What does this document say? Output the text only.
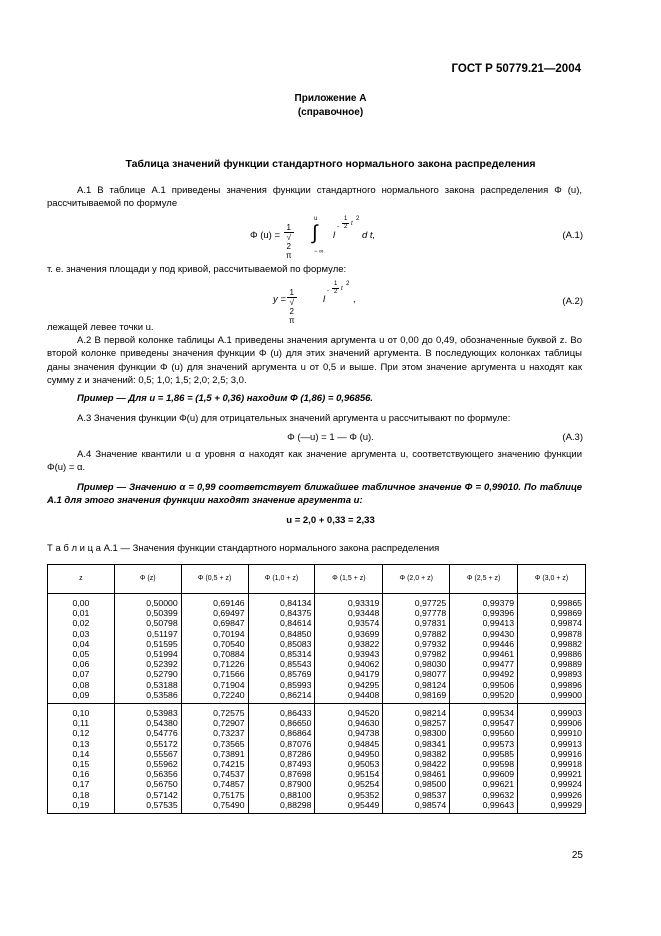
ГОСТ Р 50779.21—2004
Приложение А
(справочное)
Таблица значений функции стандартного нормального закона распределения
А.1 В таблице А.1 приведены значения функции стандартного нормального закона распределения Φ (u), рассчитываемой по формуле
Φ $(u) = \frac{1}{√ 2 \pi}$
u
∫
− ∞
l
- $\frac{1}{2}$ t
2
d t,	(A.1)
т. е. значения площади у под кривой, рассчитываемой по формуле:
$y = \frac{1}{√ 2 \pi}$	l
- $\frac{1}{2}$ t
2
,	(A.2)
лежащей левее точки u.
А.2 В первой колонке таблицы А.1 приведены значения аргумента u от 0,00 до 0,49, обозначенные буквой z. Во второй колонке приведены значения функции Φ (u) для этих значений аргумента. В последующих колонках таблицы даны значения функции Φ (u) для значений аргумента u от 0,5 и выше. При этом значение аргумента u находят как сумму z и значений: 0,5; 1,0; 1,5; 2,0; 2,5; 3,0.
Пример — Для u = 1,86 = (1,5 + 0,36) находим Φ (1,86) = 0,96856.
А.3 Значения функции Φ(u) для отрицательных значений аргумента u рассчитывают по формуле:
Φ (—u) = 1 — Φ (u).	(A.3)
А.4 Значение квантили u α уровня α находят как значение аргумента u, соответствующего значению функции Φ(u) = α.
Пример — Значению α = 0,99 соответствует ближайшее табличное значение Φ = 0,99010. По таблице А.1 для этого значения функции находят значение аргумента u:
u = 2,0 + 0,33 = 2,33
Т а б л и ц а А.1 — Значения функции стандартного нормального закона распределения
z	Φ (z)	Φ (0,5 + z)	Φ (1,0 + z)	Φ (1,5 + z)	Φ (2,0 + z)	Φ (2,5 + z)	Φ (3,0 + z)
0,00	0,50000	0,69146	0,84134	0,93319	0,97725	0,99379	0,99865
0,01	0,50399	0,69497	0,84375	0,93448	0,97778	0,99396	0,99869
0,02	0,50798	0,69847	0,84614	0,93574	0,97831	0,99413	0,99874
0,03	0,51197	0,70194	0,84850	0,93699	0,97882	0,99430	0,99878
0,04	0,51595	0,70540	0,85083	0,93822	0,97932	0,99446	0,99882
0,05	0,51994	0,70884	0,85314	0,93943	0,97982	0,99461	0,99886
0,06	0,52392	0,71226	0,85543	0,94062	0,98030	0,99477	0,99889
0,07	0,52790	0,71566	0,85769	0,94179	0,98077	0,99492	0,99893
0,08	0,53188	0,71904	0,85993	0,94295	0,98124	0,99506	0,99896
0,09	0,53586	0,72240	0,86214	0,94408	0,98169	0,99520	0,99900
0,10	0,53983	0,72575	0,86433	0,94520	0,98214	0,99534	0,99903
0,11	0,54380	0,72907	0,86650	0,94630	0,98257	0,99547	0,99906
0,12	0,54776	0,73237	0,86864	0,94738	0,98300	0,99560	0,99910
0,13	0,55172	0,73565	0,87076	0,94845	0,98341	0,99573	0,99913
0,14	0,55567	0,73891	0,87286	0,94950	0,98382	0,99585	0,99916
0,15	0,55962	0,74215	0,87493	0,95053	0,98422	0,99598	0,99918
0,16	0,56356	0,74537	0,87698	0,95154	0,98461	0,99609	0,99921
0,17	0,56750	0,74857	0,87900	0,95254	0,98500	0,99621	0,99924
0,18	0,57142	0,75175	0,88100	0,95352	0,98537	0,99632	0,99926
0,19	0,57535	0,75490	0,88298	0,95449	0,98574	0,99643	0,99929
25
